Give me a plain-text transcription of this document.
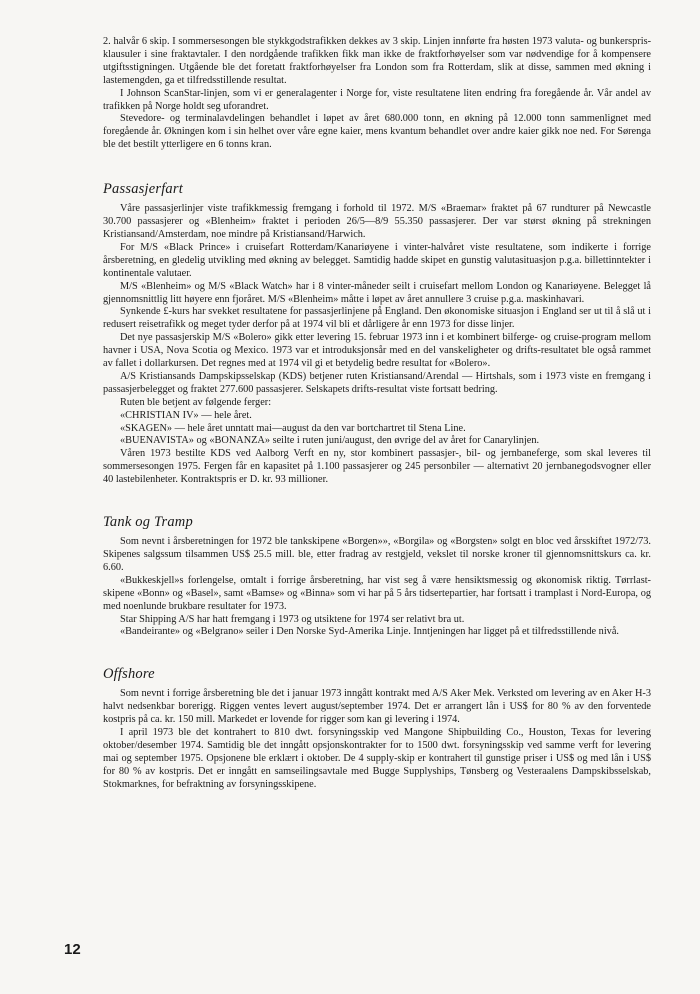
2. halvår 6 skip. I sommersesongen ble stykkgodstrafikken dekkes av 3 skip. Linjen innførte fra høsten 1973 valuta- og bunkerspris-klausuler i sine fraktavtaler. I den nordgående trafikken fikk man ikke de fraktforhøyelser som var nødvendige for å kompensere utgiftsstigningen. Utgående ble det foretatt fraktforhøyelser fra London som fra Rotterdam, slik at disse, sammen med økning i lastemengden, ga et tilfredsstillende resultat.

I Johnson ScanStar-linjen, som vi er generalagenter i Norge for, viste resultatene liten endring fra foregående år. Vår andel av trafikken på Norge holdt seg uforandret.

Stevedore- og terminalavdelingen behandlet i løpet av året 680.000 tonn, en økning på 12.000 tonn sammenlignet med foregående år. Økningen kom i sin helhet over våre egne kaier, mens kvantum behandlet over andre kaier gikk noe ned. For Sørenga ble det bestilt ytterligere en 6 tonns kran.

Passasjerfart

Våre passasjerlinjer viste trafikkmessig fremgang i forhold til 1972. M/S «Braemar» fraktet på 67 rundturer på Newcastle 30.700 passasjerer og «Blenheim» fraktet i perioden 26/5—8/9 55.350 passasjerer. Der var størst økning på strekningen Kristiansand/Amsterdam, noe mindre på Kristiansand/Harwich.

For M/S «Black Prince» i cruisefart Rotterdam/Kanariøyene i vinter-halvåret viste resultatene, som indikerte i forrige årsberetning, en gledelig utvikling med økning av belegget. Samtidig hadde skipet en gunstig valutasituasjon p.g.a. billettinntekter i kontinentale valutaer.

M/S «Blenheim» og M/S «Black Watch» har i 8 vinter-måneder seilt i cruisefart mellom London og Kanariøyene. Belegget lå gjennomsnittlig litt høyere enn fjoråret. M/S «Blenheim» måtte i løpet av året annullere 3 cruise p.g.a. maskinhavari.

Synkende £-kurs har svekket resultatene for passasjerlinjene på England. Den økonomiske situasjon i England ser ut til å slå ut i redusert reisetrafikk og meget tyder derfor på at 1974 vil bli et dårligere år enn 1973 for disse linjer.

Det nye passasjerskip M/S «Bolero» gikk etter levering 15. februar 1973 inn i et kombinert bilferge- og cruise-program mellom havner i USA, Nova Scotia og Mexico. 1973 var et introduksjonsår med en del vanskeligheter og drifts-resultatet ble også rammet av fallet i dollarkursen. Det regnes med at 1974 vil gi et betydelig bedre resultat for «Bolero».

A/S Kristiansands Dampskipsselskap (KDS) betjener ruten Kristiansand/Arendal — Hirtshals, som i 1973 viste en fremgang i passasjerbelegget og fraktet 277.600 passasjerer. Selskapets drifts-resultat viste fortsatt bedring.

Ruten ble betjent av følgende ferger:

«CHRISTIAN IV» — hele året.

«SKAGEN» — hele året unntatt mai—august da den var bortchartret til Stena Line.

«BUENAVISTA» og «BONANZA» seilte i ruten juni/august, den øvrige del av året for Canarylinjen.

Våren 1973 bestilte KDS ved Aalborg Verft en ny, stor kombinert passasjer-, bil- og jernbaneferge, som skal leveres til sommersesongen 1975. Fergen får en kapasitet på 1.100 passasjerer og 245 personbiler — alternativt 20 jernbanegodsvogner eller 40 lastebilenheter. Kontraktspris er D. kr. 93 millioner.

Tank og Tramp

Som nevnt i årsberetningen for 1972 ble tankskipene «Borgen»», «Borgila» og «Borgsten» solgt en bloc ved årsskiftet 1972/73. Skipenes salgssum tilsammen US$ 25.5 mill. ble, etter fradrag av restgjeld, vekslet til norske kroner til gjennomsnittskurs ca. kr. 6.60.

«Bukkeskjell»s forlengelse, omtalt i forrige årsberetning, har vist seg å være hensiktsmessig og økonomisk riktig. Tørrlast-skipene «Bonn» og «Basel», samt «Bamse» og «Binna» som vi har på 5 års tidsertepartier, har fortsatt i tramplast i Nord-Europa, og med noenlunde brukbare resultater for 1973.

Star Shipping A/S har hatt fremgang i 1973 og utsiktene for 1974 ser relativt bra ut.

«Bandeirante» og «Belgrano» seiler i Den Norske Syd-Amerika Linje. Inntjeningen har ligget på et tilfredsstillende nivå.

Offshore

Som nevnt i forrige årsberetning ble det i januar 1973 inngått kontrakt med A/S Aker Mek. Verksted om levering av en Aker H-3 halvt nedsenkbar borerigg. Riggen ventes levert august/september 1974. Det er arrangert lån i US$ for 80 % av den forventede kostpris på ca. kr. 150 mill. Markedet er lovende for rigger som kan gi levering i 1974.

I april 1973 ble det kontrahert to 810 dwt. forsyningsskip ved Mangone Shipbuilding Co., Houston, Texas for levering oktober/desember 1974. Samtidig ble det inngått opsjonskontrakter for to 1500 dwt. forsyningsskip ved samme verft for levering mai og september 1975. Opsjonene ble erklært i oktober. De 4 supply-skip er kontrahert til gunstige priser i US$ og med lån i US$ for 80 % av kostpris. Det er inngått en samseilingsavtale med Bugge Supplyships, Tønsberg og Vesteraalens Dampskibsselskab, Stokmarknes, for befraktning av forsyningsskipene.

12
